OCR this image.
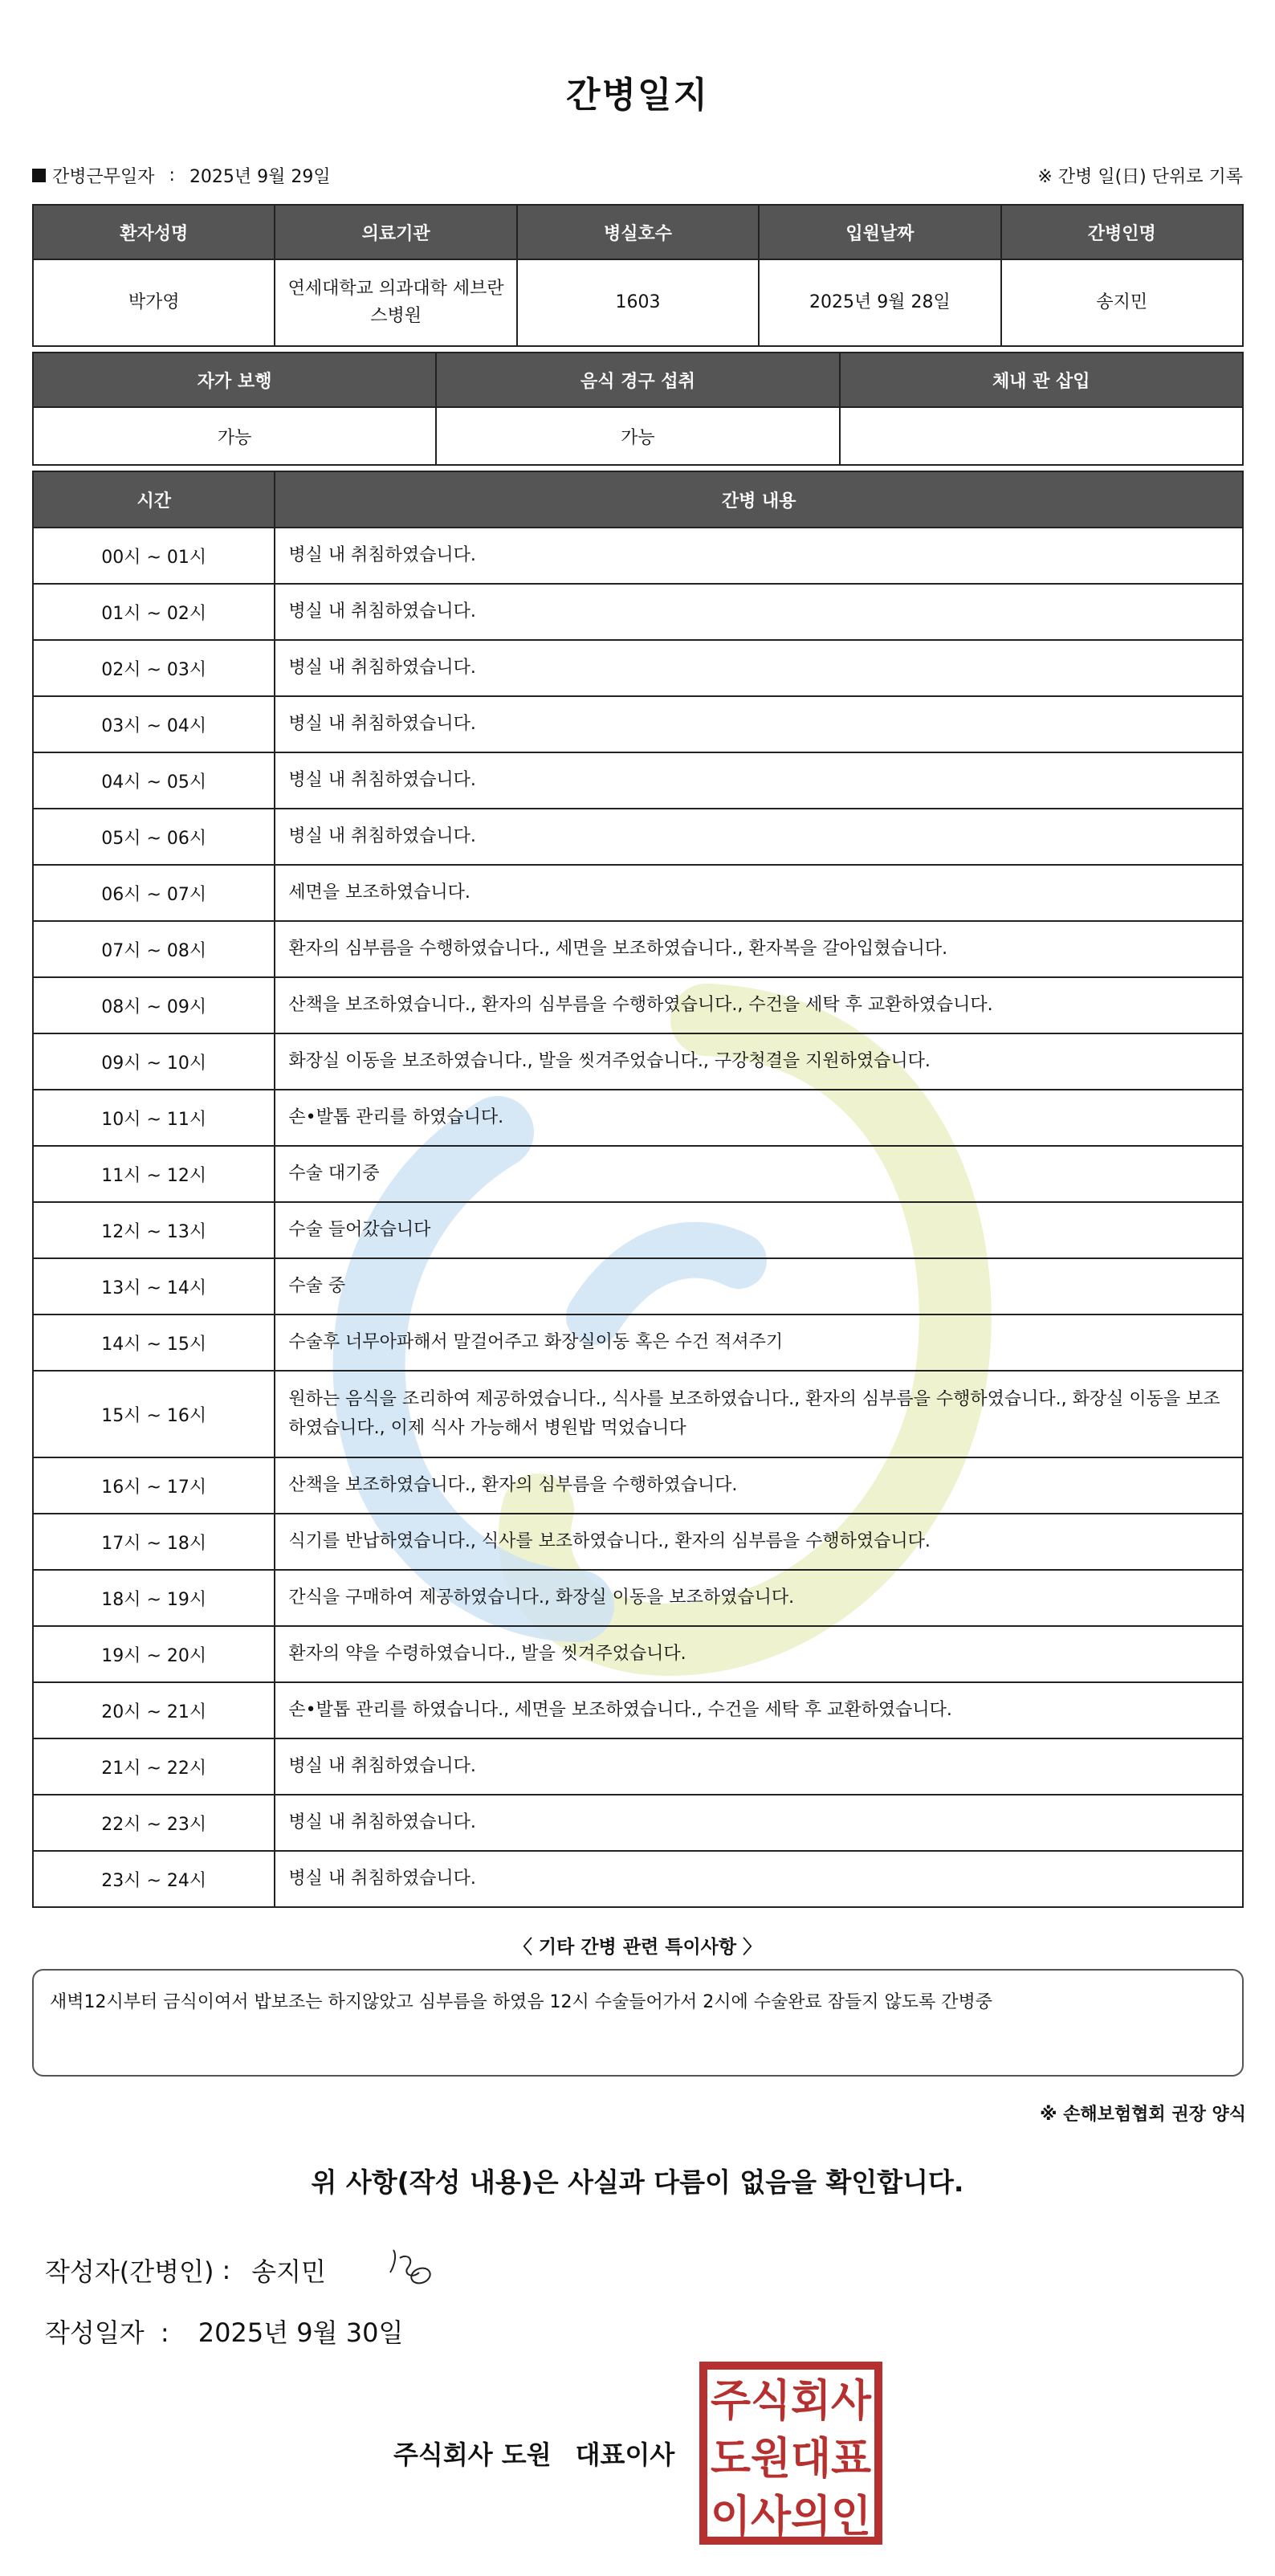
간병일지
간병근무일자 : 2025년 9월 29일	※ 간병 일(日) 단위로 기록
환자성명	의료기관	병실호수	입원날짜	간병인명
박가영	연세대학교 의과대학 세브란스병원	1603	2025년 9월 28일	송지민
자가 보행	음식 경구 섭취	체내 관 삽입
가능	가능	
시간	간병 내용
00시 ~ 01시	병실 내 취침하였습니다.
01시 ~ 02시	병실 내 취침하였습니다.
02시 ~ 03시	병실 내 취침하였습니다.
03시 ~ 04시	병실 내 취침하였습니다.
04시 ~ 05시	병실 내 취침하였습니다.
05시 ~ 06시	병실 내 취침하였습니다.
06시 ~ 07시	세면을 보조하였습니다.
07시 ~ 08시	환자의 심부름을 수행하였습니다., 세면을 보조하였습니다., 환자복을 갈아입혔습니다.
08시 ~ 09시	산책을 보조하였습니다., 환자의 심부름을 수행하였습니다., 수건을 세탁 후 교환하였습니다.
09시 ~ 10시	화장실 이동을 보조하였습니다., 발을 씻겨주었습니다., 구강청결을 지원하였습니다.
10시 ~ 11시	손•발톱 관리를 하였습니다.
11시 ~ 12시	수술 대기중
12시 ~ 13시	수술 들어갔습니다
13시 ~ 14시	수술 중
14시 ~ 15시	수술후 너무아파해서 말걸어주고 화장실이동 혹은 수건 적셔주기
15시 ~ 16시	원하는 음식을 조리하여 제공하였습니다., 식사를 보조하였습니다., 환자의 심부름을 수행하였습니다., 화장실 이동을 보조하였습니다., 이제 식사 가능해서 병원밥 먹었습니다
16시 ~ 17시	산책을 보조하였습니다., 환자의 심부름을 수행하였습니다.
17시 ~ 18시	식기를 반납하였습니다., 식사를 보조하였습니다., 환자의 심부름을 수행하였습니다.
18시 ~ 19시	간식을 구매하여 제공하였습니다., 화장실 이동을 보조하였습니다.
19시 ~ 20시	환자의 약을 수령하였습니다., 발을 씻겨주었습니다.
20시 ~ 21시	손•발톱 관리를 하였습니다., 세면을 보조하였습니다., 수건을 세탁 후 교환하였습니다.
21시 ~ 22시	병실 내 취침하였습니다.
22시 ~ 23시	병실 내 취침하였습니다.
23시 ~ 24시	병실 내 취침하였습니다.
〈 기타 간병 관련 특이사항 〉
새벽12시부터 금식이여서 밥보조는 하지않았고 심부름을 하였음 12시 수술들어가서 2시에 수술완료 잠들지 않도록 간병중
※ 손해보험협회 권장 양식
위 사항(작성 내용)은 사실과 다름이 없음을 확인합니다.
작성자(간병인) : 송지민
작성일자 : 2025년 9월 30일
주식회사 도원 대표이사
주식회사
도원대표
이사의인
